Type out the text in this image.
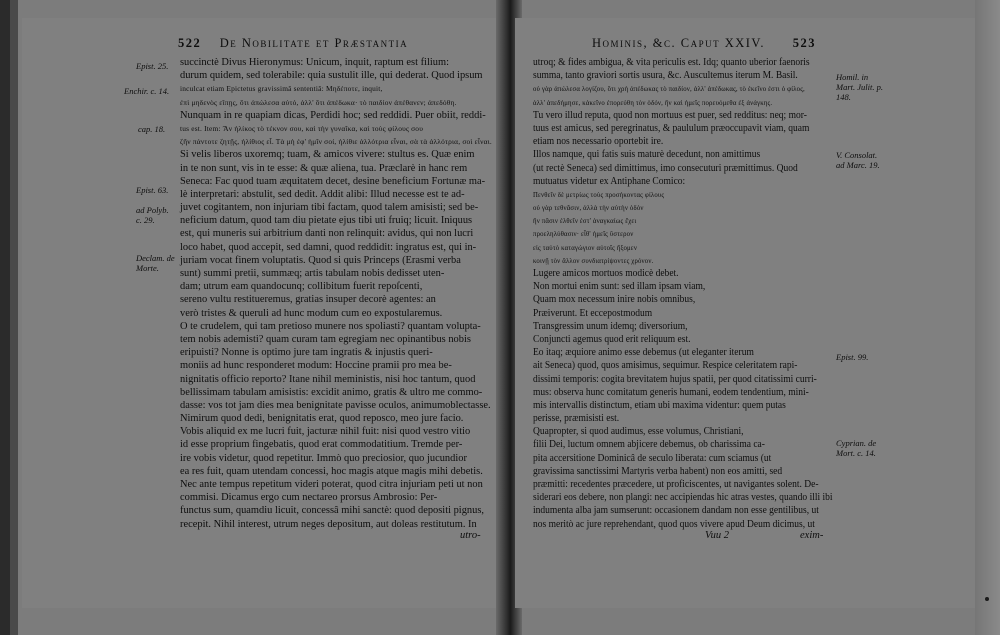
522 De Nobilitate et Præstantia
Epist. 25.
Enchir. c. 14.
cap. 18.
Epist. 63.
ad Polyb. c. 29.
Declam. de Morte.
succinctè Divus Hieronymus: Unicum, inquit, raptum est filium:
durum quidem, sed tolerabile: quia sustulit ille, qui dederat. Quod ipsum
inculcat etiam Epictetus gravissimâ sententiâ: Μηδέποτε, inquit,
ἐπὶ μηδενὸς εἴπῃς, ὅτι ἀπώλεσα αὐτό, ἀλλ' ὅτι ἀπέδωκα· τὸ παιδίον ἀπέθανεν; ἀπεδόθη.
Nunquam in re quapiam dicas, Perdidi hoc; sed reddidi. Puer obiit, reddi-
tus est. Item: Ἂν ἡλίκος τὸ τέκνον σου, καὶ τὴν γυναῖκα, καὶ τοὺς φίλους σου
ζῆν πάντοτε ζητῇς, ἠλίθιος εἶ. Τὰ μὴ ἐφ' ἡμῖν σοί, ἠλίθιε ἀλλότρια εἶναι, σὰ τὰ ἀλλότρια, σοὶ εἶναι.
Si velis liberos uxoremq; tuam, & amicos vivere: stultus es. Quæ enim
in te non sunt, vis in te esse: & quæ aliena, tua. Præclarè in hanc rem
Seneca: Fac quod tuam æquitatem decet, desine beneficium Fortunæ ma-
lè interpretari: abstulit, sed dedit. Addit alibi: Illud necesse est te ad-
juvet cogitantem, non injuriam tibi factam, quod talem amisisti; sed be-
neficium datum, quod tam diu pietate ejus tibi uti fruiq; licuit. Iniquus
est, qui muneris sui arbitrium danti non relinquit: avidus, qui non lucri
loco habet, quod accepit, sed damni, quod reddidit: ingratus est, qui in-
juriam vocat finem voluptatis. Quod si quis Princeps (Erasmi verba
sunt) summi pretii, summæq; artis tabulam nobis dedisset uten-
dam; utrum eam quandocunq; collibitum fuerit repoſcenti,
sereno vultu restitueremus, gratias insuper decorè agentes: an
verò tristes & queruli ad hunc modum cum eo expostularemus.
O te crudelem, qui tam pretioso munere nos spoliasti? quantam volupta-
tem nobis ademisti? quam curam tam egregiam nec opinantibus nobis
eripuisti? Nonne is optimo jure tam ingratis & injustis queri-
moniis ad hunc responderet modum: Hoccine pramii pro mea be-
nignitatis officio reporto? Itane nihil meministis, nisi hoc tantum, quod
bellissimam tabulam amisistis: excidit animo, gratis & ultro me commo-
dasse: vos tot jam dies mea benignitate pavisse oculos, animumoblectasse.
Nimirum quod dedi, benignitatis erat, quod reposco, meo jure facio.
Vobis aliquid ex me lucri fuit, jacturæ nihil fuit: nisi quod vestro vitio
id esse proprium fingebatis, quod erat commodatitium. Tremde per-
ire vobis videtur, quod repetitur. Immò quo preciosior, quo jucundior
ea res fuit, quam utendam concessi, hoc magis atque magis mihi debetis.
Nec ante tempus repetitum videri poterat, quod citra injuriam peti ut non
commisi. Dicamus ergo cum nectareo prorsus Ambrosio: Per-
functus sum, quamdiu licuit, concessâ mihi sanctè: quod depositi pignus,
recepit. Nihil interest, utrum neges depositum, aut doleas restitutum. In
utro-
Hominis, &c. Caput XXIV. 523
Homil. in Mart. Julit. p. 148.
V. Consolat. ad Marc. 19.
Epist. 99.
Cyprian. de Mort. c. 14.
utroq; & fides ambigua, & vita periculis est. Idq; quanto uberior faenoris
summa, tanto graviori sortis usura, &c. Auscultemus iterum M. Basil.
οὐ γὰρ ἀπώλεσα λογίζου, ὅτι χρὴ ἀπέδωκας τὸ παιδίον, ἀλλ' ἀπέδωκας, τὸ ἐκεῖνο ἐστι ὁ φίλος,
ἀλλ' ἀπεδήμησε, κἀκεῖνο ἐπορεύθη τὸν ὁδόν, ἣν καὶ ἡμεῖς πορευόμεθα ἐξ ἀνάγκης.
Tu vero illud reputa, quod non mortuus est puer, sed redditus: neq; mor-
tuus est amicus, sed peregrinatus, & paululum præoccupavit viam, quam
etiam nos necessario oportebit ire.
Illos namque, qui fatis suis maturè decedunt, non amittimus
(ut rectè Seneca) sed dimittimus, imo consecuturi præmittimus. Quod
mutuatus videtur ex Antiphane Comico:
Πενθεῖν δὲ μετρίως τοὺς προσήκοντας φίλους
οὐ γὰρ τεθνᾶσιν, ἀλλὰ τὴν αὐτὴν ὁδὸν
ἣν πᾶσιν ἐλθεῖν ἐστ' ἀναγκαίως ἔχει
προεληλύθασιν· εἶθ' ἡμεῖς ὕστερον
εἰς ταὐτὸ καταγώγιον αὐτοῖς ἥξομεν
κοινῇ τὸν ἄλλον συνδιατρίψοντες χρόνον.
Lugere amicos mortuos modicè debet.
Non mortui enim sunt: sed illam ipsam viam,
Quam mox necessum inire nobis omnibus,
Præiverunt. Et eccepostmodum
Transgressim unum idemq; diversorium,
Conjuncti agemus quod erit reliquum est.
Eo itaq; æquiore animo esse debemus (ut eleganter iterum
ait Seneca) quod, quos amisimus, sequimur. Respice celeritatem rapi-
dissimi temporis: cogita brevitatem hujus spatii, per quod citatissimi curri-
mus: observa hunc comitatum generis humani, eodem tendentium, mini-
mis intervallis distinctum, etiam ubi maxima videntur: quem putas
perisse, præmisisti est.
Quapropter, si quod audimus, esse volumus, Christiani,
filii Dei, luctum omnem abjicere debemus, ob charissima ca-
pita accersitione Dominicâ de seculo liberata: cum sciamus (ut
gravissima sanctissimi Martyris verba habent) non eos amitti, sed
præmitti: recedentes præcedere, ut proficiscentes, ut navigantes solent. De-
siderari eos debere, non plangi: nec accipiendas hic atras vestes, quando illi ibi
indumenta alba jam sumserunt: occasionem dandam non esse gentilibus, ut
nos meritò ac jure reprehendant, quod quos vivere apud Deum dicimus, ut
Vuu 2	exim-
